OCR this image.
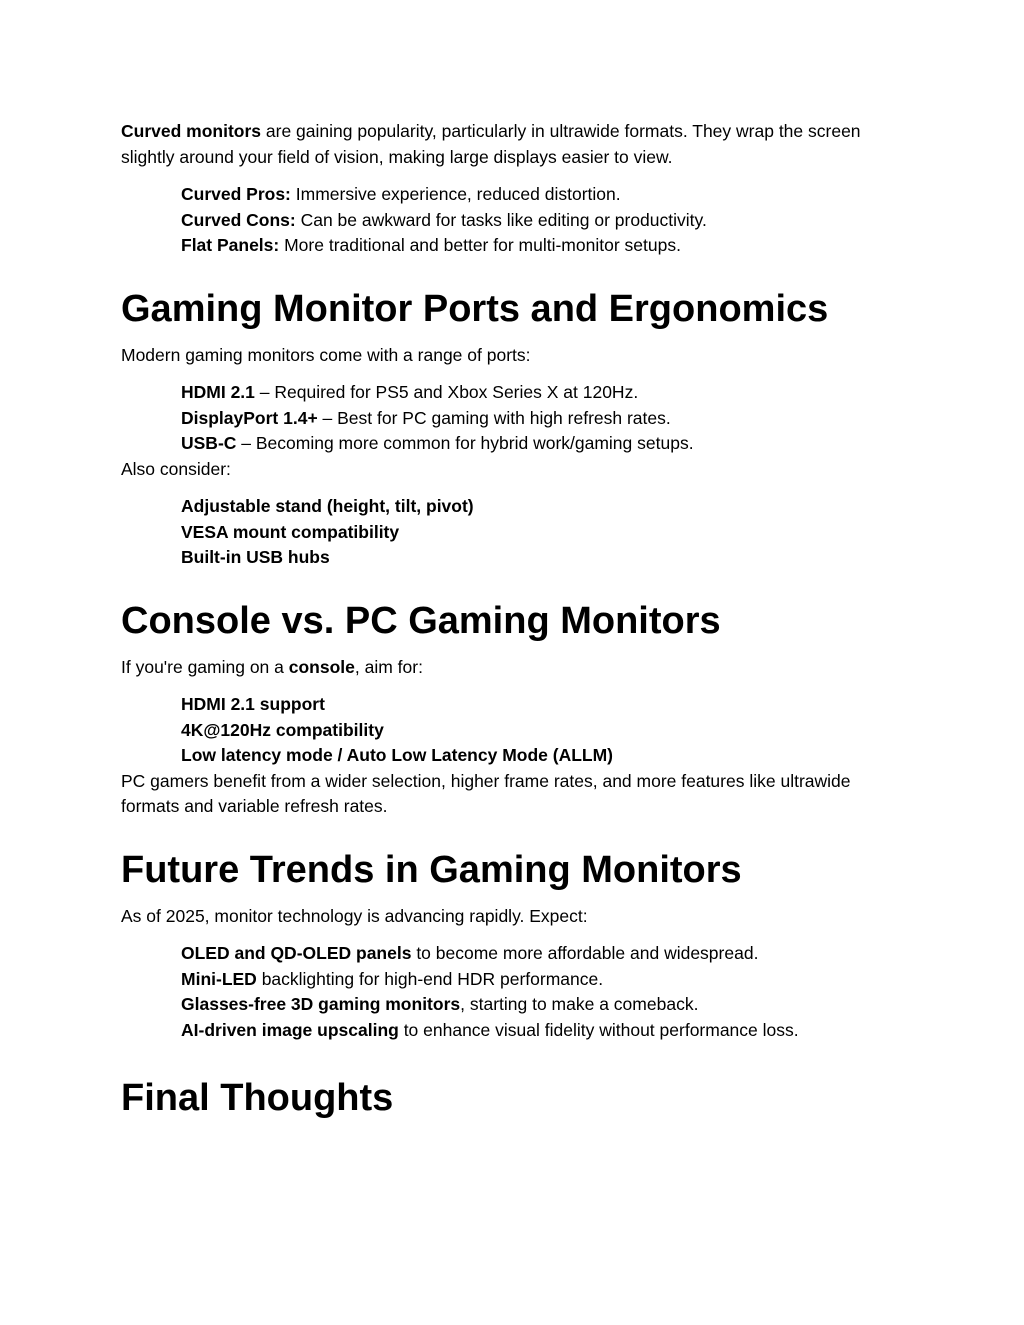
Curved monitors are gaining popularity, particularly in ultrawide formats. They wrap the screen slightly around your field of vision, making large displays easier to view.

Curved Pros: Immersive experience, reduced distortion.
Curved Cons: Can be awkward for tasks like editing or productivity.
Flat Panels: More traditional and better for multi-monitor setups.
Gaming Monitor Ports and Ergonomics

Modern gaming monitors come with a range of ports:

HDMI 2.1 – Required for PS5 and Xbox Series X at 120Hz.
DisplayPort 1.4+ – Best for PC gaming with high refresh rates.
USB-C – Becoming more common for hybrid work/gaming setups.

Also consider:

Adjustable stand (height, tilt, pivot)
VESA mount compatibility
Built-in USB hubs
Console vs. PC Gaming Monitors

If you're gaming on a console, aim for:

HDMI 2.1 support
4K@120Hz compatibility
Low latency mode / Auto Low Latency Mode (ALLM)

PC gamers benefit from a wider selection, higher frame rates, and more features like ultrawide formats and variable refresh rates.

Future Trends in Gaming Monitors

As of 2025, monitor technology is advancing rapidly. Expect:

OLED and QD-OLED panels to become more affordable and widespread.
Mini-LED backlighting for high-end HDR performance.
Glasses-free 3D gaming monitors, starting to make a comeback.
AI-driven image upscaling to enhance visual fidelity without performance loss.
Final Thoughts
